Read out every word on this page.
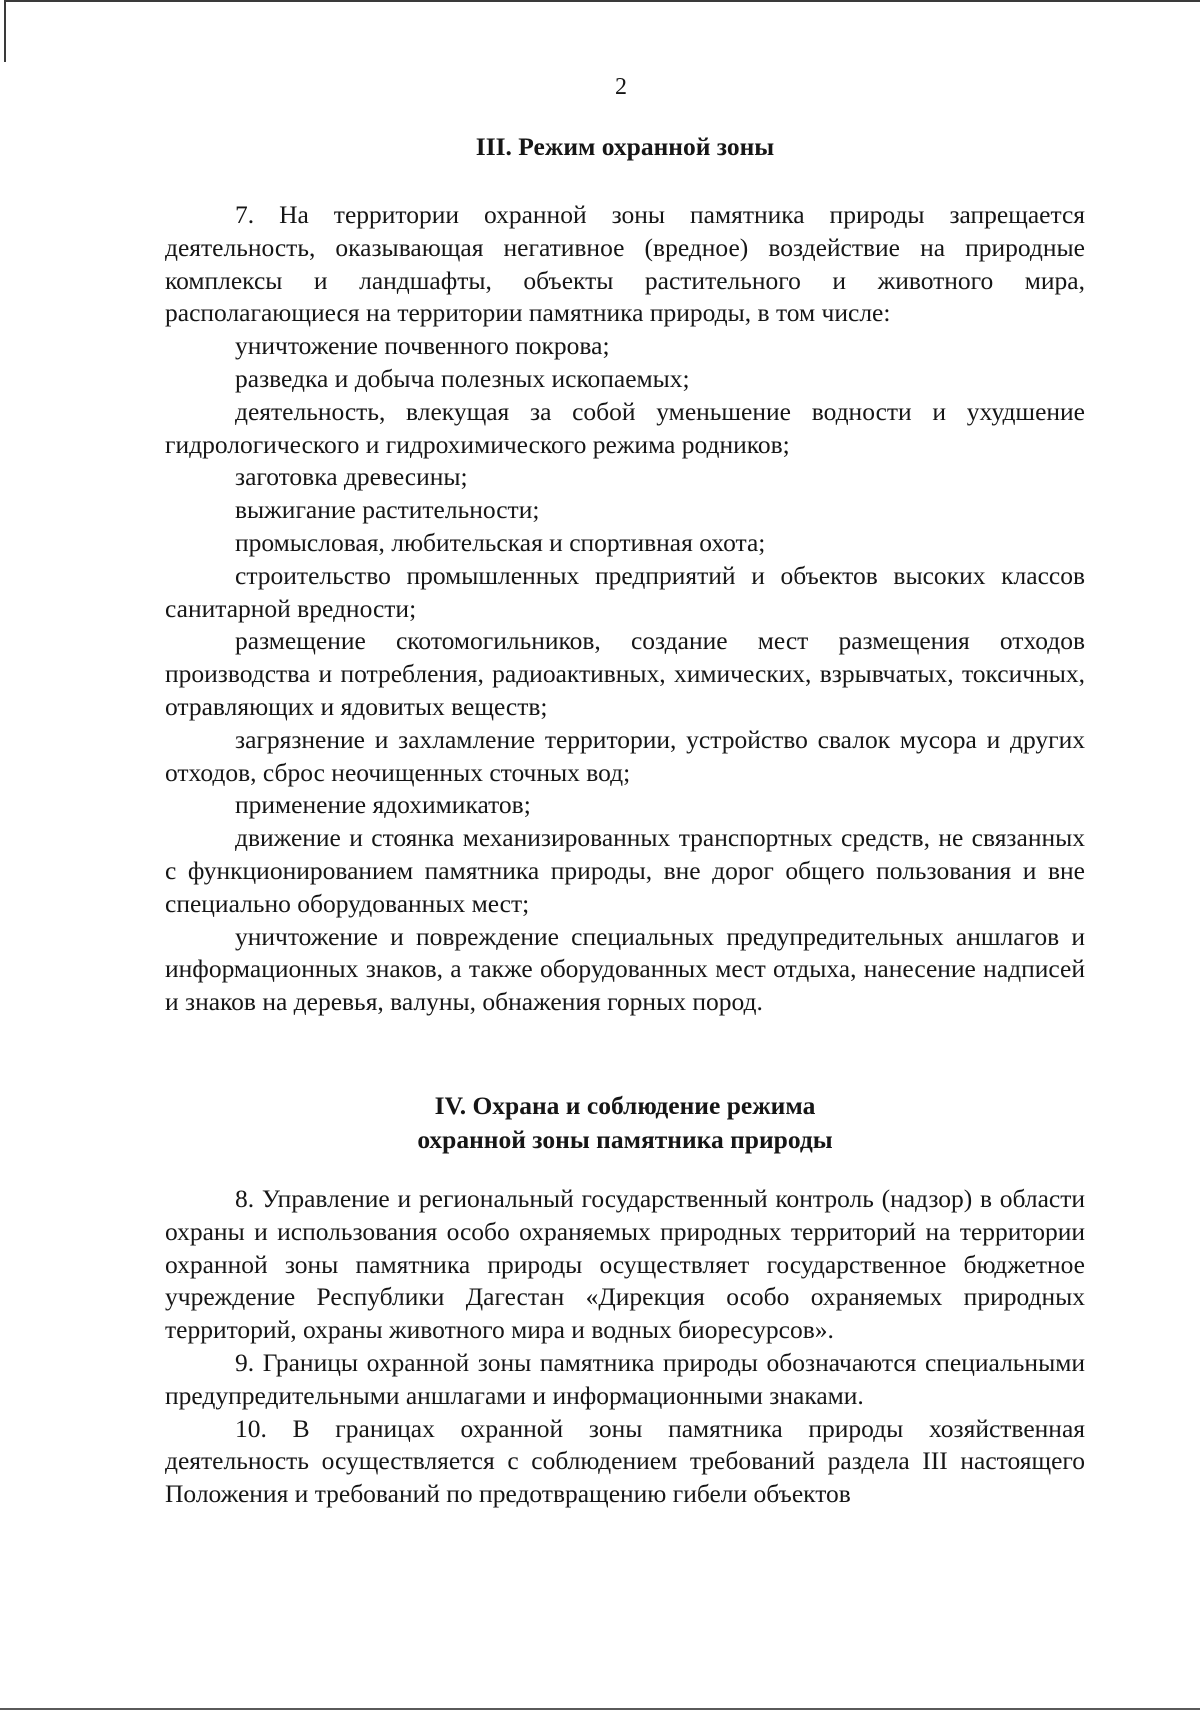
2
III. Режим охранной зоны

7. На территории охранной зоны памятника природы запрещается деятельность, оказывающая негативное (вредное) воздействие на природные комплексы и ландшафты, объекты растительного и животного мира, располагающиеся на территории памятника природы, в том числе:

уничтожение почвенного покрова;

разведка и добыча полезных ископаемых;

деятельность, влекущая за собой уменьшение водности и ухудшение гидрологического и гидрохимического режима родников;

заготовка древесины;

выжигание растительности;

промысловая, любительская и спортивная охота;

строительство промышленных предприятий и объектов высоких классов санитарной вредности;

размещение скотомогильников, создание мест размещения отходов производства и потребления, радиоактивных, химических, взрывчатых, токсичных, отравляющих и ядовитых веществ;

загрязнение и захламление территории, устройство свалок мусора и других отходов, сброс неочищенных сточных вод;

применение ядохимикатов;

движение и стоянка механизированных транспортных средств, не связанных с функционированием памятника природы, вне дорог общего пользования и вне специально оборудованных мест;

уничтожение и повреждение специальных предупредительных аншлагов и информационных знаков, а также оборудованных мест отдыха, нанесение надписей и знаков на деревья, валуны, обнажения горных пород.

IV. Охрана и соблюдение режима
охранной зоны памятника природы

8. Управление и региональный государственный контроль (надзор) в области охраны и использования особо охраняемых природных территорий на территории охранной зоны памятника природы осуществляет государственное бюджетное учреждение Республики Дагестан «Дирекция особо охраняемых природных территорий, охраны животного мира и водных биоресурсов».

9. Границы охранной зоны памятника природы обозначаются специальными предупредительными аншлагами и информационными знаками.

10. В границах охранной зоны памятника природы хозяйственная деятельность осуществляется с соблюдением требований раздела III настоящего Положения и требований по предотвращению гибели объектов
